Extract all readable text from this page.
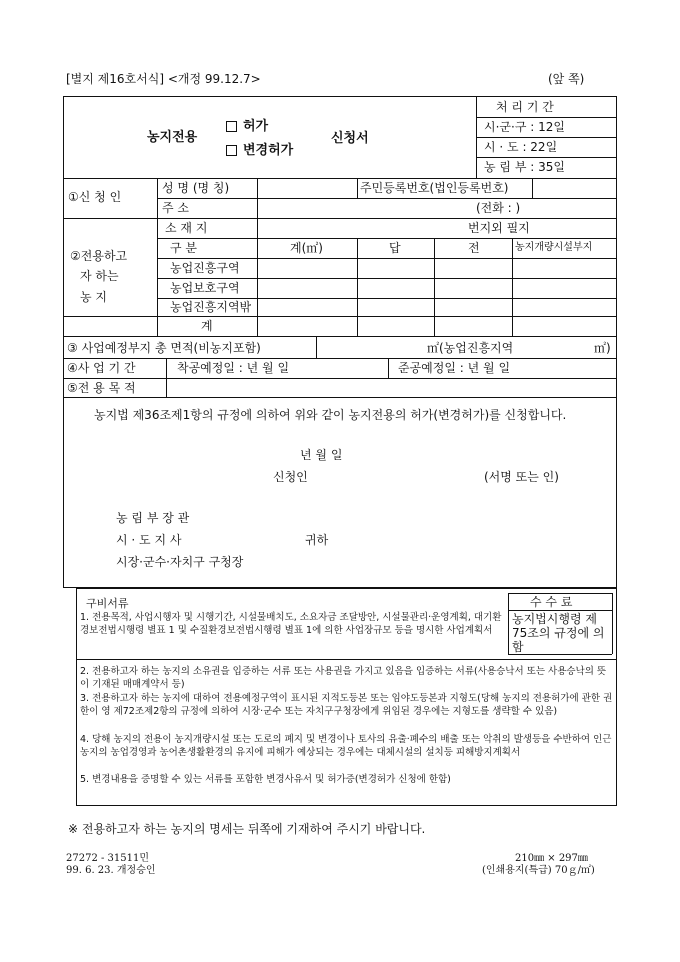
[별지 제16호서식] <개정 99.12.7>	(앞 쪽)
농지전용
허가
변경허가
신청서
처 리 기 간
시·군·구 : 12일
시 · 도 : 22일
농 림 부 : 35일
①신 청 인
성 명 (명 칭)	주민등록번호(법인등록번호)
주 소	(전화 : )
②전용하고
자 하는
농 지
소 재 지	번지외 필지
구 분	계(㎡)	답	전	농지개량시설부지
농업진흥구역
농업보호구역
농업진흥지역밖
계
③ 사업예정부지 총 면적(비농지포함)	㎡(농업진흥지역	㎡)
④사 업 기 간	착공예정일 : 년 월 일	준공예정일 : 년 월 일
⑤전 용 목 적
농지법 제36조제1항의 규정에 의하여 위와 같이 농지전용의 허가(변경허가)를 신청합니다.
년 월 일
신청인	(서명 또는 인)
농 림 부 장 관
시 · 도 지 사	귀하
시장·군수·자치구 구청장
구비서류
1. 전용목적, 사업시행자 및 시행기간, 시설물배치도, 소요자금 조달방안, 시설물관리·운영계획, 대기환경보전법시행령 별표 1 및 수질환경보전법시행령 별표 1에 의한 사업장규모 등을 명시한 사업계획서
수 수 료
농지법시행령 제75조의 규정에 의함
2. 전용하고자 하는 농지의 소유권을 입증하는 서류 또는 사용권을 가지고 있음을 입증하는 서류(사용승낙서 또는 사용승낙의 뜻이 기재된 매매계약서 등)
3. 전용하고자 하는 농지에 대하여 전용예정구역이 표시된 지적도등본 또는 임야도등본과 지형도(당해 농지의 전용허가에 관한 권한이 영 제72조제2항의 규정에 의하여 시장·군수 또는 자치구구청장에게 위임된 경우에는 지형도를 생략할 수 있음)
4. 당해 농지의 전용이 농지개량시설 또는 도로의 폐지 및 변경이나 토사의 유출·폐수의 배출 또는 악취의 발생등을 수반하여 인근 농지의 농업경영과 농어촌생활환경의 유지에 피해가 예상되는 경우에는 대체시설의 설치등 피해방지계획서
5. 변경내용을 증명할 수 있는 서류를 포함한 변경사유서 및 허가증(변경허가 신청에 한함)
※ 전용하고자 하는 농지의 명세는 뒤쪽에 기재하여 주시기 바랍니다.
27272 - 31511민
99. 6. 23. 개정승인
210㎜ × 297㎜
(인쇄용지(특급) 70ｇ/㎡)
